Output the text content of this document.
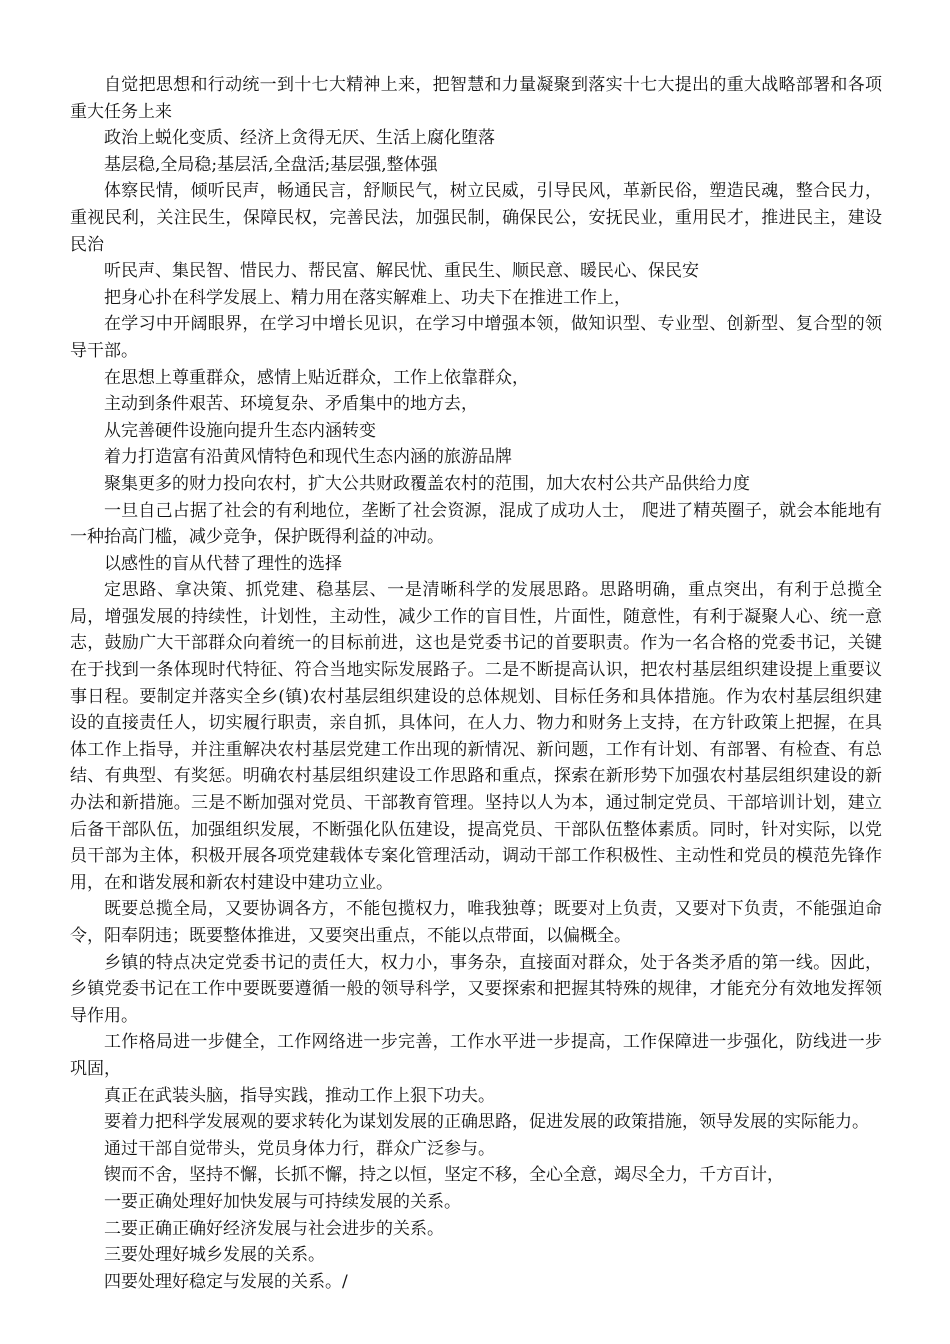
自觉把思想和行动统一到十七大精神上来，把智慧和力量凝聚到落实十七大提出的重大战略部署和各项重大任务上来

政治上蜕化变质、经济上贪得无厌、生活上腐化堕落

基层稳,全局稳;基层活,全盘活;基层强,整体强

体察民情，倾听民声，畅通民言，舒顺民气，树立民威，引导民风，革新民俗，塑造民魂，整合民力，重视民利，关注民生，保障民权，完善民法，加强民制，确保民公，安抚民业，重用民才，推进民主，建设民治

听民声、集民智、惜民力、帮民富、解民忧、重民生、顺民意、暖民心、保民安

把身心扑在科学发展上、精力用在落实解难上、功夫下在推进工作上，

在学习中开阔眼界，在学习中增长见识，在学习中增强本领，做知识型、专业型、创新型、复合型的领导干部。

在思想上尊重群众，感情上贴近群众，工作上依靠群众，

主动到条件艰苦、环境复杂、矛盾集中的地方去，

从完善硬件设施向提升生态内涵转变

着力打造富有沿黄风情特色和现代生态内涵的旅游品牌

聚集更多的财力投向农村，扩大公共财政覆盖农村的范围，加大农村公共产品供给力度

一旦自己占据了社会的有利地位，垄断了社会资源，混成了成功人士， 爬进了精英圈子，就会本能地有一种抬高门槛，减少竞争，保护既得利益的冲动。

以感性的盲从代替了理性的选择

定思路、拿决策、抓党建、稳基层、一是清晰科学的发展思路。思路明确，重点突出，有利于总揽全局，增强发展的持续性，计划性，主动性，减少工作的盲目性，片面性，随意性，有利于凝聚人心、统一意志，鼓励广大干部群众向着统一的目标前进，这也是党委书记的首要职责。作为一名合格的党委书记，关键在于找到一条体现时代特征、符合当地实际发展路子。二是不断提高认识，把农村基层组织建设提上重要议事日程。要制定并落实全乡(镇)农村基层组织建设的总体规划、目标任务和具体措施。作为农村基层组织建设的直接责任人，切实履行职责，亲自抓，具体问，在人力、物力和财务上支持，在方针政策上把握，在具体工作上指导，并注重解决农村基层党建工作出现的新情况、新问题，工作有计划、有部署、有检查、有总结、有典型、有奖惩。明确农村基层组织建设工作思路和重点，探索在新形势下加强农村基层组织建设的新办法和新措施。三是不断加强对党员、干部教育管理。坚持以人为本，通过制定党员、干部培训计划，建立后备干部队伍，加强组织发展，不断强化队伍建设，提高党员、干部队伍整体素质。同时，针对实际，以党员干部为主体，积极开展各项党建载体专案化管理活动，调动干部工作积极性、主动性和党员的模范先锋作用，在和谐发展和新农村建设中建功立业。

既要总揽全局，又要协调各方，不能包揽权力，唯我独尊；既要对上负责，又要对下负责，不能强迫命令，阳奉阴违；既要整体推进，又要突出重点，不能以点带面，以偏概全。

乡镇的特点决定党委书记的责任大，权力小，事务杂，直接面对群众，处于各类矛盾的第一线。因此，乡镇党委书记在工作中要既要遵循一般的领导科学，又要探索和把握其特殊的规律，才能充分有效地发挥领导作用。

工作格局进一步健全，工作网络进一步完善，工作水平进一步提高，工作保障进一步强化，防线进一步巩固，

真正在武装头脑，指导实践，推动工作上狠下功夫。

要着力把科学发展观的要求转化为谋划发展的正确思路，促进发展的政策措施，领导发展的实际能力。

通过干部自觉带头，党员身体力行，群众广泛参与。

锲而不舍，坚持不懈，长抓不懈，持之以恒，坚定不移，全心全意，竭尽全力，千方百计，

一要正确处理好加快发展与可持续发展的关系。

二要正确正确好经济发展与社会进步的关系。

三要处理好城乡发展的关系。

四要处理好稳定与发展的关系。/
